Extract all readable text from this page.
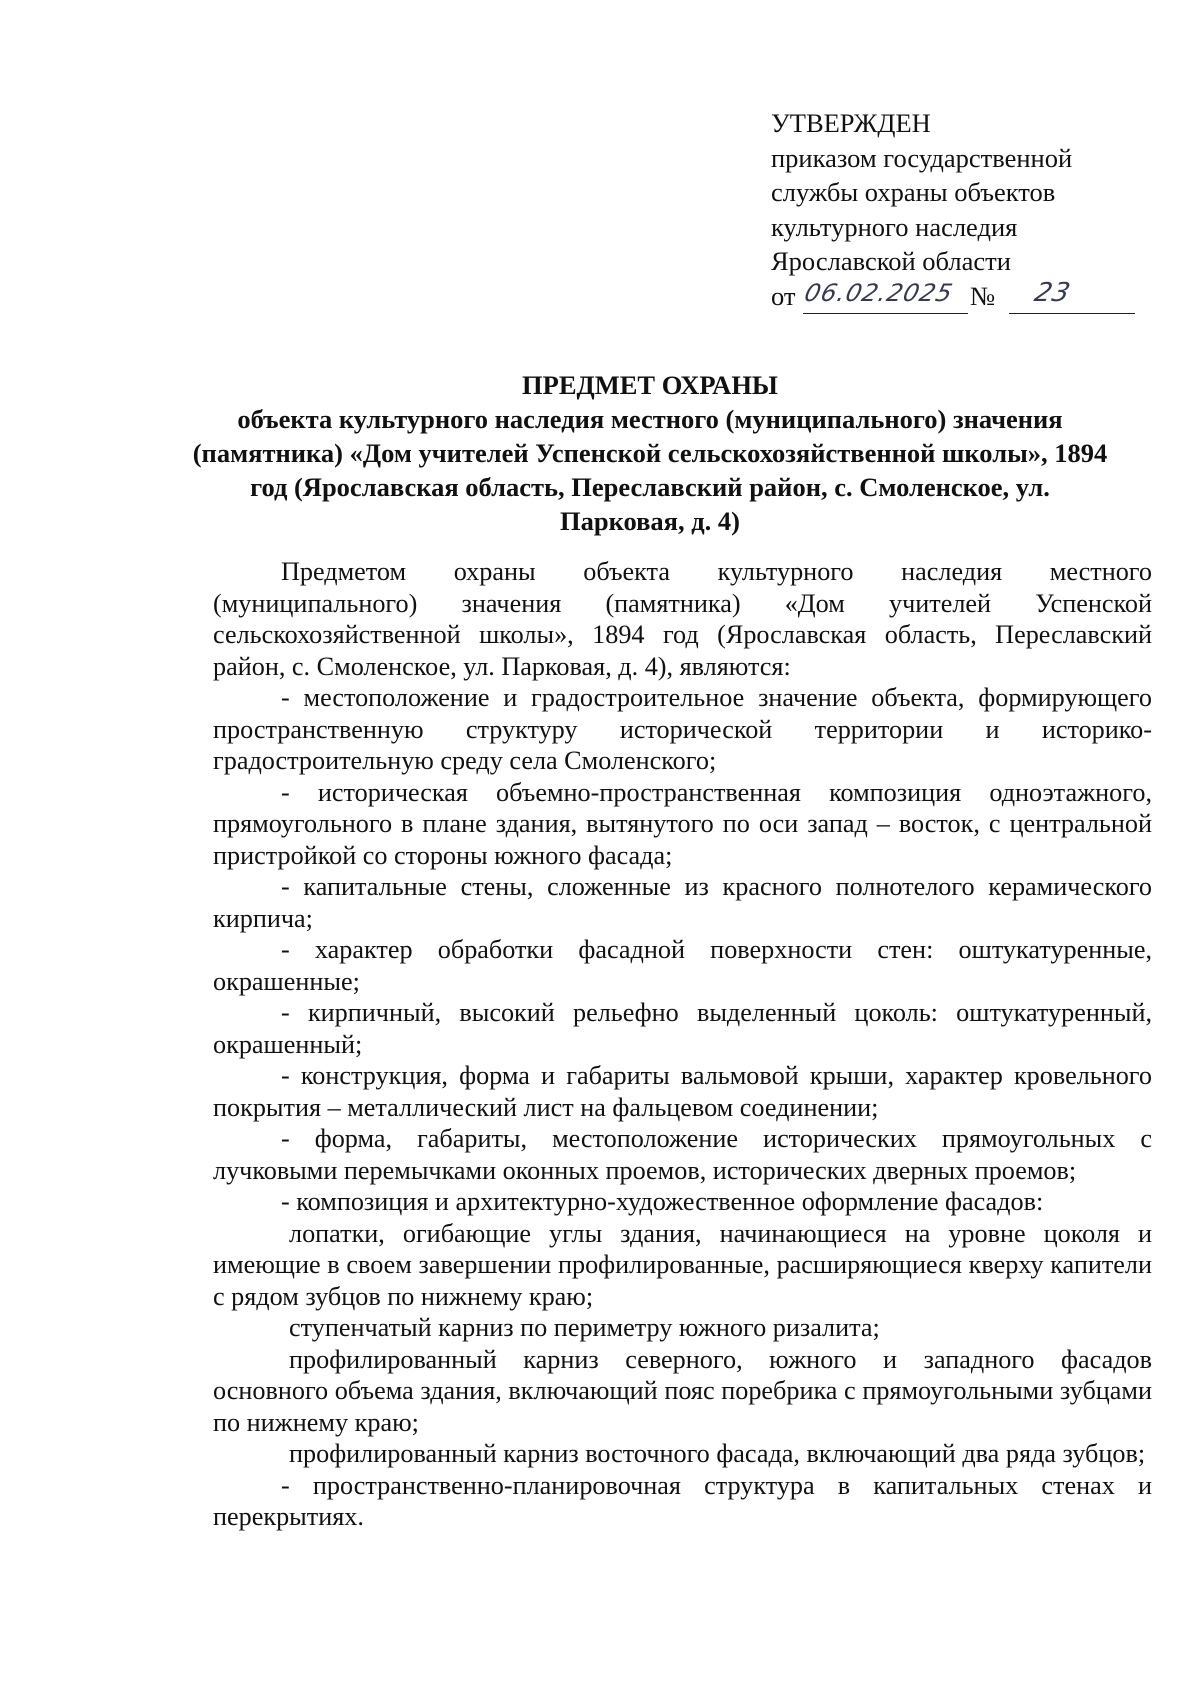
УТВЕРЖДЕН
приказом государственной
службы охраны объектов
культурного наследия
Ярославской области
от 06.02.2025 № 23
ПРЕДМЕТ ОХРАНЫ
объекта культурного наследия местного (муниципального) значения (памятника) «Дом учителей Успенской сельскохозяйственной школы», 1894 год (Ярославская область, Переславский район, с. Смоленское, ул. Парковая, д. 4)

Предметом охраны объекта культурного наследия местного (муниципального) значения (памятника) «Дом учителей Успенской сельскохозяйственной школы», 1894 год (Ярославская область, Переславский район, с. Смоленское, ул. Парковая, д. 4), являются:

- местоположение и градостроительное значение объекта, формирующего пространственную структуру исторической территории и историко-градостроительную среду села Смоленского;

- историческая объемно-пространственная композиция одноэтажного, прямоугольного в плане здания, вытянутого по оси запад – восток, с центральной пристройкой со стороны южного фасада;

- капитальные стены, сложенные из красного полнотелого керамического кирпича;

- характер обработки фасадной поверхности стен: оштукатуренные, окрашенные;

- кирпичный, высокий рельефно выделенный цоколь: оштукатуренный, окрашенный;

- конструкция, форма и габариты вальмовой крыши, характер кровельного покрытия – металлический лист на фальцевом соединении;

- форма, габариты, местоположение исторических прямоугольных с лучковыми перемычками оконных проемов, исторических дверных проемов;

- композиция и архитектурно-художественное оформление фасадов:

лопатки, огибающие углы здания, начинающиеся на уровне цоколя и имеющие в своем завершении профилированные, расширяющиеся кверху капители с рядом зубцов по нижнему краю;

ступенчатый карниз по периметру южного ризалита;

профилированный карниз северного, южного и западного фасадов основного объема здания, включающий пояс поребрика с прямоугольными зубцами по нижнему краю;

профилированный карниз восточного фасада, включающий два ряда зубцов;

- пространственно-планировочная структура в капитальных стенах и перекрытиях.
